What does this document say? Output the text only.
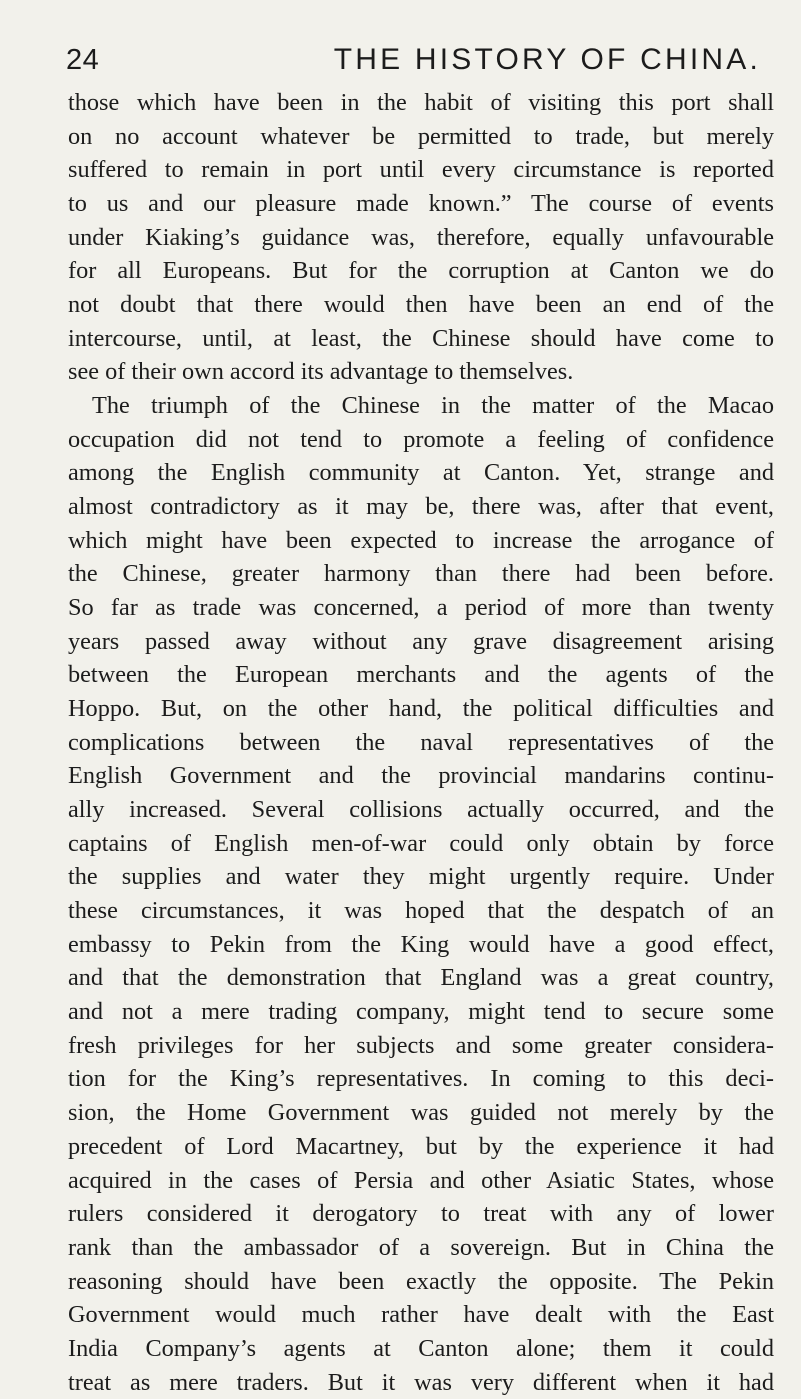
24	THE HISTORY OF CHINA.
those which have been in the habit of visiting this port shall
on no account whatever be permitted to trade, but merely
suffered to remain in port until every circumstance is reported
to us and our pleasure made known.” The course of events
under Kiaking’s guidance was, therefore, equally unfavourable
for all Europeans. But for the corruption at Canton we do
not doubt that there would then have been an end of the
intercourse, until, at least, the Chinese should have come to
see of their own accord its advantage to themselves.
The triumph of the Chinese in the matter of the Macao
occupation did not tend to promote a feeling of confidence
among the English community at Canton. Yet, strange and
almost contradictory as it may be, there was, after that event,
which might have been expected to increase the arrogance of
the Chinese, greater harmony than there had been before.
So far as trade was concerned, a period of more than twenty
years passed away without any grave disagreement arising
between the European merchants and the agents of the
Hoppo. But, on the other hand, the political difficulties and
complications between the naval representatives of the
English Government and the provincial mandarins continu-
ally increased. Several collisions actually occurred, and the
captains of English men-of-war could only obtain by force
the supplies and water they might urgently require. Under
these circumstances, it was hoped that the despatch of an
embassy to Pekin from the King would have a good effect,
and that the demonstration that England was a great country,
and not a mere trading company, might tend to secure some
fresh privileges for her subjects and some greater considera-
tion for the King’s representatives. In coming to this deci-
sion, the Home Government was guided not merely by the
precedent of Lord Macartney, but by the experience it had
acquired in the cases of Persia and other Asiatic States, whose
rulers considered it derogatory to treat with any of lower
rank than the ambassador of a sovereign. But in China the
reasoning should have been exactly the opposite. The Pekin
Government would much rather have dealt with the East
India Company’s agents at Canton alone; them it could
treat as mere traders. But it was very different when it had
